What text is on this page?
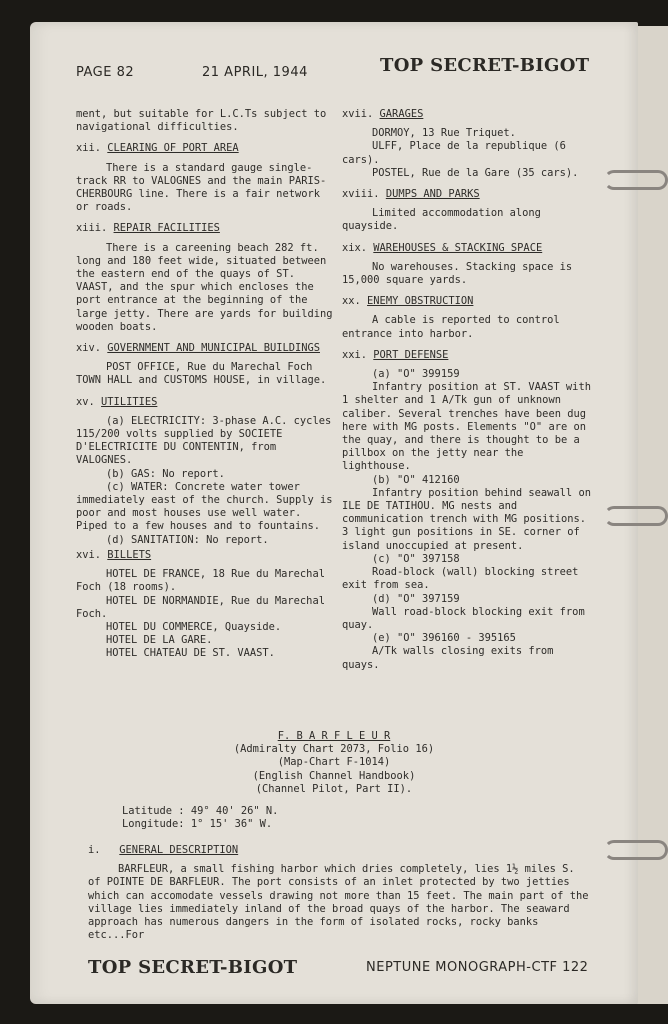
PAGE 82	21 APRIL, 1944	TOP SECRET-BIGOT

ment, but suitable for L.C.Ts subject to navigational difficulties.

xii. CLEARING OF PORT AREA

There is a standard gauge single-track RR to VALOGNES and the main PARIS-CHERBOURG line. There is a fair network or roads.

xiii. REPAIR FACILITIES

There is a careening beach 282 ft. long and 180 feet wide, situated between the eastern end of the quays of ST. VAAST, and the spur which encloses the port entrance at the beginning of the large jetty. There are yards for building wooden boats.

xiv. GOVERNMENT AND MUNICIPAL BUILDINGS

POST OFFICE, Rue du Marechal Foch TOWN HALL and CUSTOMS HOUSE, in village.

xv. UTILITIES

(a) ELECTRICITY: 3-phase A.C. cycles 115/200 volts supplied by SOCIETE D'ELECTRICITE DU CONTENTIN, from VALOGNES.

(b) GAS: No report.

(c) WATER: Concrete water tower immediately east of the church. Supply is poor and most houses use well water. Piped to a few houses and to fountains.

(d) SANITATION: No report.

xvi. BILLETS

HOTEL DE FRANCE, 18 Rue du Marechal Foch (18 rooms).

HOTEL DE NORMANDIE, Rue du Marechal Foch.

HOTEL DU COMMERCE, Quayside.

HOTEL DE LA GARE.

HOTEL CHATEAU DE ST. VAAST.

xvii. GARAGES

DORMOY, 13 Rue Triquet.

ULFF, Place de la republique (6 cars).

POSTEL, Rue de la Gare (35 cars).

xviii. DUMPS AND PARKS

Limited accommodation along quayside.

xix. WAREHOUSES & STACKING SPACE

No warehouses. Stacking space is 15,000 square yards.

xx. ENEMY OBSTRUCTION

A cable is reported to control entrance into harbor.

xxi. PORT DEFENSE

(a) "O" 399159

Infantry position at ST. VAAST with 1 shelter and 1 A/Tk gun of unknown caliber. Several trenches have been dug here with MG posts. Elements "O" are on the quay, and there is thought to be a pillbox on the jetty near the lighthouse.

(b) "O" 412160

Infantry position behind seawall on ILE DE TATIHOU. MG nests and communication trench with MG positions. 3 light gun positions in SE. corner of island unoccupied at present.

(c) "O" 397158

Road-block (wall) blocking street exit from sea.

(d) "O" 397159

Wall road-block blocking exit from quay.

(e) "O" 396160 - 395165

A/Tk walls closing exits from quays.

F. B A R F L E U R
(Admiralty Chart 2073, Folio 16)
(Map-Chart F-1014)
(English Channel Handbook)
(Channel Pilot, Part II).
Latitude : 49° 40' 26" N.
Longitude: 1° 15' 36" W.

i. GENERAL DESCRIPTION

BARFLEUR, a small fishing harbor which dries completely, lies 1½ miles S. of POINTE DE BARFLEUR. The port consists of an inlet protected by two jetties which can accomodate vessels drawing not more than 15 feet. The main part of the village lies immediately inland of the broad quays of the harbor. The seaward approach has numerous dangers in the form of isolated rocks, rocky banks etc...For

TOP SECRET-BIGOT	NEPTUNE MONOGRAPH-CTF 122
